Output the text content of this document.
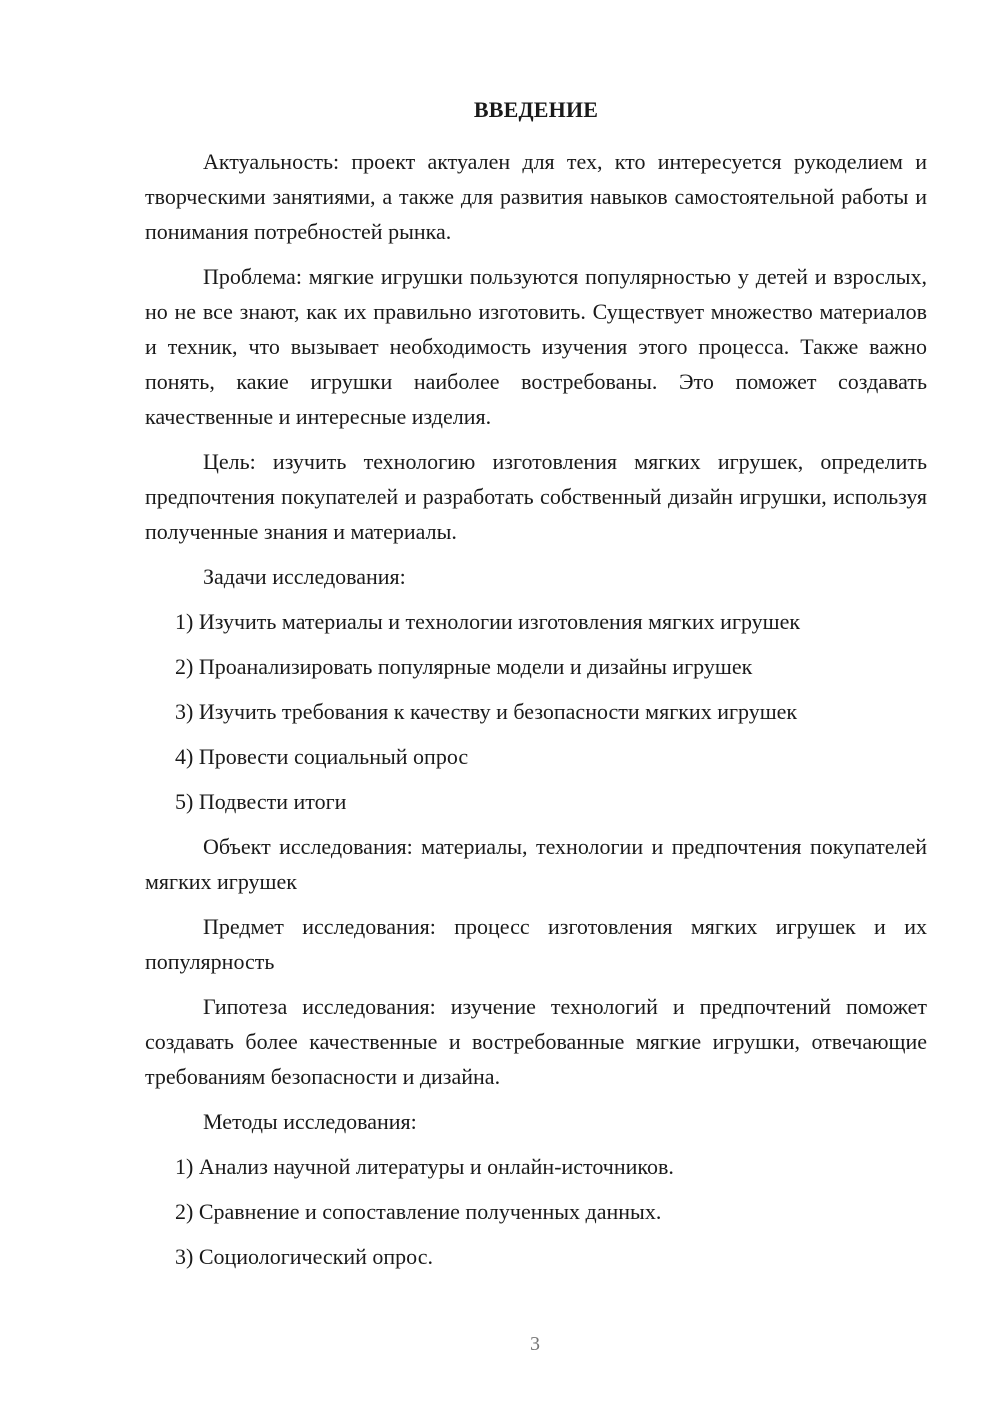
ВВЕДЕНИЕ

Актуальность: проект актуален для тех, кто интересуется рукоделием и творческими занятиями, а также для развития навыков самостоятельной работы и понимания потребностей рынка.

Проблема: мягкие игрушки пользуются популярностью у детей и взрослых, но не все знают, как их правильно изготовить. Существует множество материалов и техник, что вызывает необходимость изучения этого процесса. Также важно понять, какие игрушки наиболее востребованы. Это поможет создавать качественные и интересные изделия.

Цель: изучить технологию изготовления мягких игрушек, определить предпочтения покупателей и разработать собственный дизайн игрушки, используя полученные знания и материалы.

Задачи исследования:

1) Изучить материалы и технологии изготовления мягких игрушек
2) Проанализировать популярные модели и дизайны игрушек
3) Изучить требования к качеству и безопасности мягких игрушек
4) Провести социальный опрос
5) Подвести итоги

Объект исследования: материалы, технологии и предпочтения покупателей мягких игрушек

Предмет исследования: процесс изготовления мягких игрушек и их популярность

Гипотеза исследования: изучение технологий и предпочтений поможет создавать более качественные и востребованные мягкие игрушки, отвечающие требованиям безопасности и дизайна.

Методы исследования:

1) Анализ научной литературы и онлайн-источников.
2) Сравнение и сопоставление полученных данных.
3) Социологический опрос.
3
